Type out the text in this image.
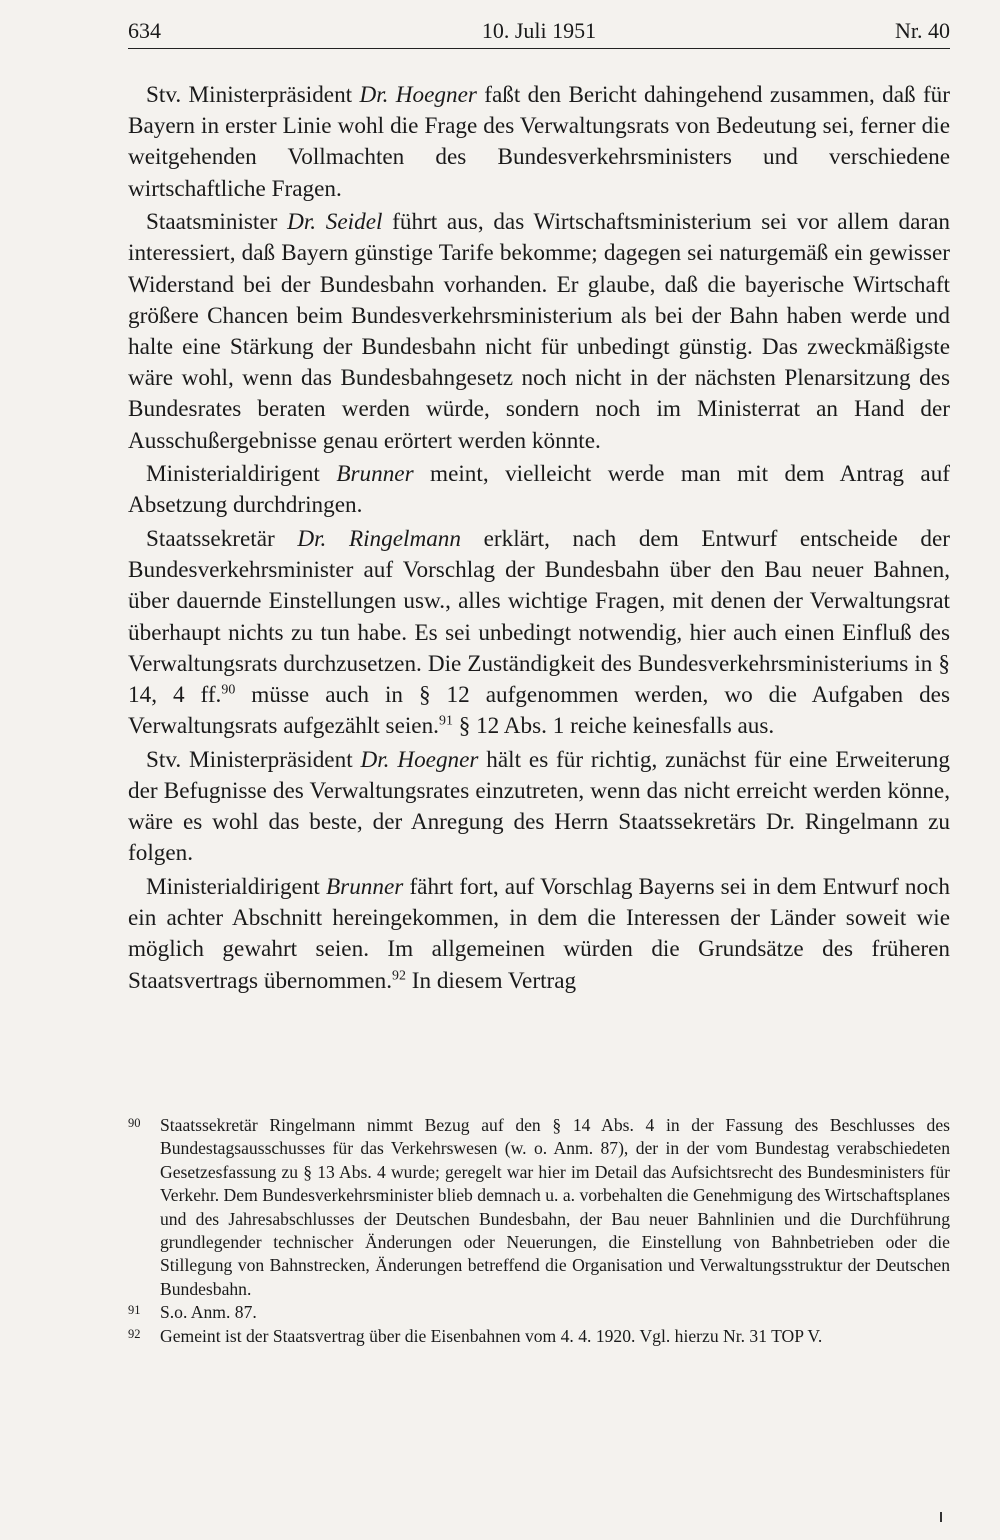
634	10. Juli 1951	Nr. 40

Stv. Ministerpräsident Dr. Hoegner faßt den Bericht dahingehend zusammen, daß für Bayern in erster Linie wohl die Frage des Verwaltungsrats von Bedeutung sei, ferner die weitgehenden Vollmachten des Bundesverkehrsministers und verschiedene wirtschaftliche Fragen.

Staatsminister Dr. Seidel führt aus, das Wirtschaftsministerium sei vor allem daran interessiert, daß Bayern günstige Tarife bekomme; dagegen sei naturgemäß ein gewisser Widerstand bei der Bundesbahn vorhanden. Er glaube, daß die bayerische Wirtschaft größere Chancen beim Bundesverkehrsministerium als bei der Bahn haben werde und halte eine Stärkung der Bundesbahn nicht für unbedingt günstig. Das zweckmäßigste wäre wohl, wenn das Bundesbahngesetz noch nicht in der nächsten Plenarsitzung des Bundesrates beraten werden würde, sondern noch im Ministerrat an Hand der Ausschußergebnisse genau erörtert werden könnte.

Ministerialdirigent Brunner meint, vielleicht werde man mit dem Antrag auf Absetzung durchdringen.

Staatssekretär Dr. Ringelmann erklärt, nach dem Entwurf entscheide der Bundesverkehrsminister auf Vorschlag der Bundesbahn über den Bau neuer Bahnen, über dauernde Einstellungen usw., alles wichtige Fragen, mit denen der Verwaltungsrat überhaupt nichts zu tun habe. Es sei unbedingt notwendig, hier auch einen Einfluß des Verwaltungsrats durchzusetzen. Die Zuständigkeit des Bundesverkehrsministeriums in § 14, 4 ff.$^{90}$ müsse auch in § 12 aufgenommen werden, wo die Aufgaben des Verwaltungsrats aufgezählt seien.$^{91}$ § 12 Abs. 1 reiche keinesfalls aus.

Stv. Ministerpräsident Dr. Hoegner hält es für richtig, zunächst für eine Erweiterung der Befugnisse des Verwaltungsrates einzutreten, wenn das nicht erreicht werden könne, wäre es wohl das beste, der Anregung des Herrn Staatssekretärs Dr. Ringelmann zu folgen.

Ministerialdirigent Brunner fährt fort, auf Vorschlag Bayerns sei in dem Entwurf noch ein achter Abschnitt hereingekommen, in dem die Interessen der Länder soweit wie möglich gewahrt seien. Im allgemeinen würden die Grundsätze des früheren Staatsvertrags übernommen.$^{92}$ In diesem Vertrag

90 Staatssekretär Ringelmann nimmt Bezug auf den § 14 Abs. 4 in der Fassung des Beschlusses des Bundestagsausschusses für das Verkehrswesen (w. o. Anm. 87), der in der vom Bundestag verabschiedeten Gesetzesfassung zu § 13 Abs. 4 wurde; geregelt war hier im Detail das Aufsichtsrecht des Bundesministers für Verkehr. Dem Bundesverkehrsminister blieb demnach u. a. vorbehalten die Genehmigung des Wirtschaftsplanes und des Jahresabschlusses der Deutschen Bundesbahn, der Bau neuer Bahnlinien und die Durchführung grundlegender technischer Änderungen oder Neuerungen, die Einstellung von Bahnbetrieben oder die Stillegung von Bahnstrecken, Änderungen betreffend die Organisation und Verwaltungsstruktur der Deutschen Bundesbahn.
91 S.o. Anm. 87.
92 Gemeint ist der Staatsvertrag über die Eisenbahnen vom 4. 4. 1920. Vgl. hierzu Nr. 31 TOP V.
